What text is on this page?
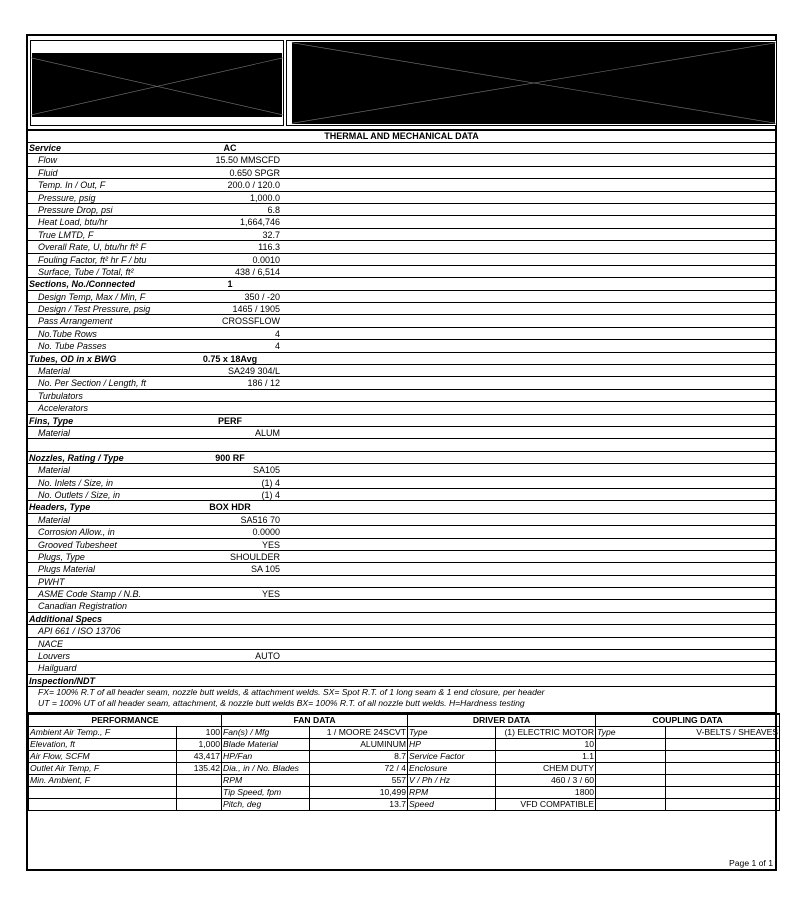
THERMAL AND MECHANICAL DATA
Service	AC
Flow	15.50 MMSCFD
Fluid	0.650 SPGR
Temp. In / Out, F	200.0 / 120.0
Pressure, psig	1,000.0
Pressure Drop, psi	6.8
Heat Load, btu/hr	1,664,746
True LMTD, F	32.7
Overall Rate, U, btu/hr ft² F	116.3
Fouling Factor, ft² hr F / btu	0.0010
Surface, Tube / Total, ft²	438 / 6,514
Sections, No./Connected	1
Design Temp, Max / Min, F	350 / -20
Design / Test Pressure, psig	1465 / 1905
Pass Arrangement	CROSSFLOW
No.Tube Rows	4
No. Tube Passes	4
Tubes, OD in x BWG	0.75 x 18Avg
Material	SA249 304/L
No. Per Section / Length, ft	186 / 12
Turbulators
Accelerators
Fins, Type	PERF
Material	ALUM
Nozzles, Rating / Type	900 RF
Material	SA105
No. Inlets / Size, in	(1) 4
No. Outlets / Size, in	(1) 4
Headers, Type	BOX HDR
Material	SA516 70
Corrosion Allow., in	0.0000
Grooved Tubesheet	YES
Plugs, Type	SHOULDER
Plugs Material	SA 105
PWHT
ASME Code Stamp / N.B.	YES
Canadian Registration
Additional Specs
API 661 / ISO 13706
NACE
Louvers	AUTO
Hailguard
Inspection/NDT
FX= 100% R.T of all header seam, nozzle butt welds, & attachment welds. SX= Spot R.T. of 1 long seam & 1 end closure, per header
UT = 100% UT of all header seam, attachment, & nozzle butt welds BX= 100% R.T. of all nozzle butt welds. H=Hardness testing
PERFORMANCE		FAN DATA		DRIVER DATA		COUPLING DATA	
Ambient Air Temp., F	100	Fan(s) / Mfg	1 / MOORE 24SCVT	Type	(1) ELECTRIC MOTOR	Type	V-BELTS / SHEAVES
Elevation, ft	1,000	Blade Material	ALUMINUM	HP	10		
Air Flow, SCFM	43,417	HP/Fan	8.7	Service Factor	1.1		
Outlet Air Temp, F	135.42	Dia., in / No. Blades	72 / 4	Enclosure	CHEM DUTY		
Min. Ambient, F		RPM	557	V / Ph / Hz	460 / 3 / 60		
		Tip Speed, fpm	10,499	RPM	1800		
		Pitch, deg	13.7	Speed	VFD COMPATIBLE		
Page 1 of 1
